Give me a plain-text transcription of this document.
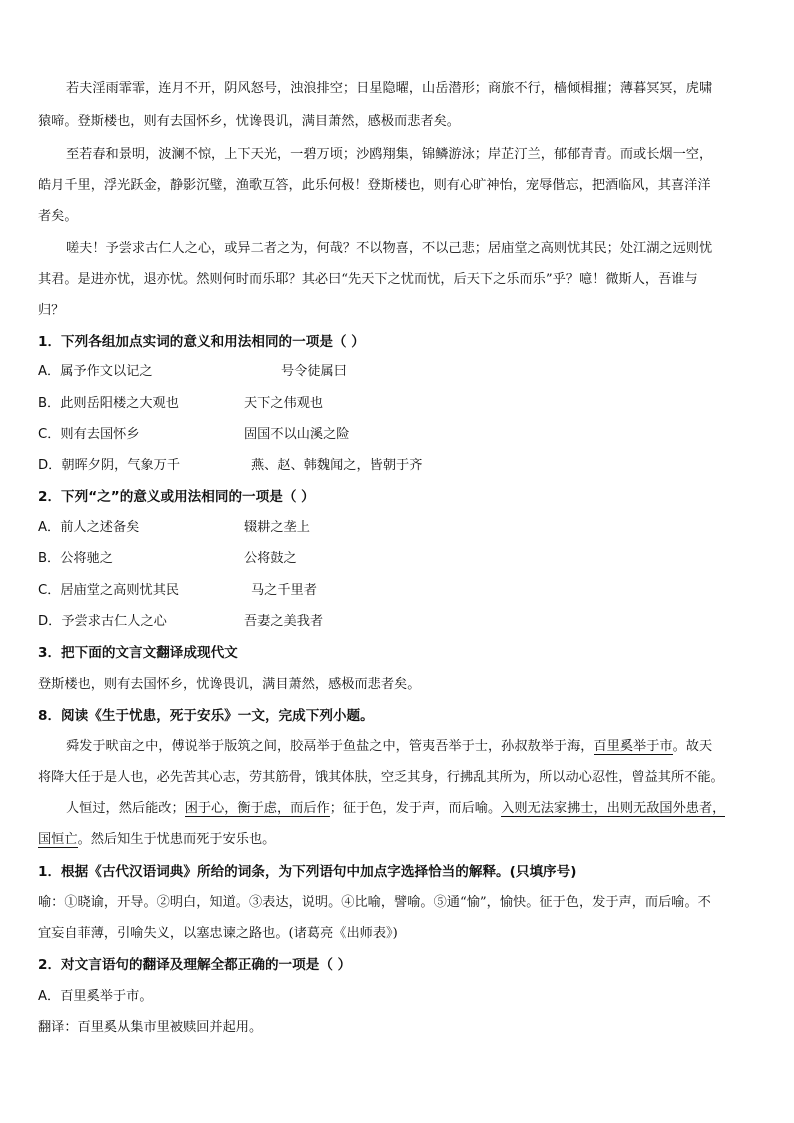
若夫淫雨霏霏，连月不开，阴风怒号，浊浪排空；日星隐曜，山岳潜形；商旅不行，樯倾楫摧；薄暮冥冥，虎啸
猿啼。登斯楼也，则有去国怀乡，忧谗畏讥，满目萧然，感极而悲者矣。
至若春和景明，波澜不惊，上下天光，一碧万顷；沙鸥翔集，锦鳞游泳；岸芷汀兰，郁郁青青。而或长烟一空，
皓月千里，浮光跃金，静影沉璧，渔歌互答，此乐何极！登斯楼也，则有心旷神怡，宠辱偕忘，把酒临风，其喜洋洋
者矣。
嗟夫！予尝求古仁人之心，或异二者之为，何哉？不以物喜，不以己悲；居庙堂之高则忧其民；处江湖之远则忧
其君。是进亦忧，退亦忧。然则何时而乐耶？其必曰“先天下之忧而忧，后天下之乐而乐”乎？噫！微斯人，吾谁与
归？
1．下列各组加点实词的意义和用法相同的一项是（ ）
A．属予作文以记之	号令徒属曰
B．此则岳阳楼之大观也	天下之伟观也
C．则有去国怀乡	固国不以山溪之险
D．朝晖夕阴，气象万千	燕、赵、韩魏闻之，皆朝于齐
2．下列“之”的意义或用法相同的一项是（ ）
A．前人之述备矣	辍耕之垄上
B．公将驰之	公将鼓之
C．居庙堂之高则忧其民	马之千里者
D．予尝求古仁人之心	吾妻之美我者
3．把下面的文言文翻译成现代文
登斯楼也，则有去国怀乡，忧谗畏讥，满目萧然，感极而悲者矣。
8．阅读《生于忧患，死于安乐》一文，完成下列小题。
舜发于畎亩之中，傅说举于版筑之间，胶鬲举于鱼盐之中，管夷吾举于士，孙叔敖举于海，百里奚举于市。故天
将降大任于是人也，必先苦其心志，劳其筋骨，饿其体肤，空乏其身，行拂乱其所为，所以动心忍性，曾益其所不能。
人恒过，然后能改；困于心，衡于虑，而后作；征于色，发于声，而后喻。入则无法家拂士，出则无敌国外患者，
国恒亡。然后知生于忧患而死于安乐也。
1．根据《古代汉语词典》所给的词条，为下列语句中加点字选择恰当的解释。(只填序号)
喻：①晓谕，开导。②明白，知道。③表达，说明。④比喻，譬喻。⑤通“愉”，愉快。征于色，发于声，而后喻。不
宜妄自菲薄，引喻失义，以塞忠谏之路也。(诸葛亮《出师表》)
2．对文言语句的翻译及理解全都正确的一项是（ ）
A．百里奚举于市。
翻译：百里奚从集市里被赎回并起用。
